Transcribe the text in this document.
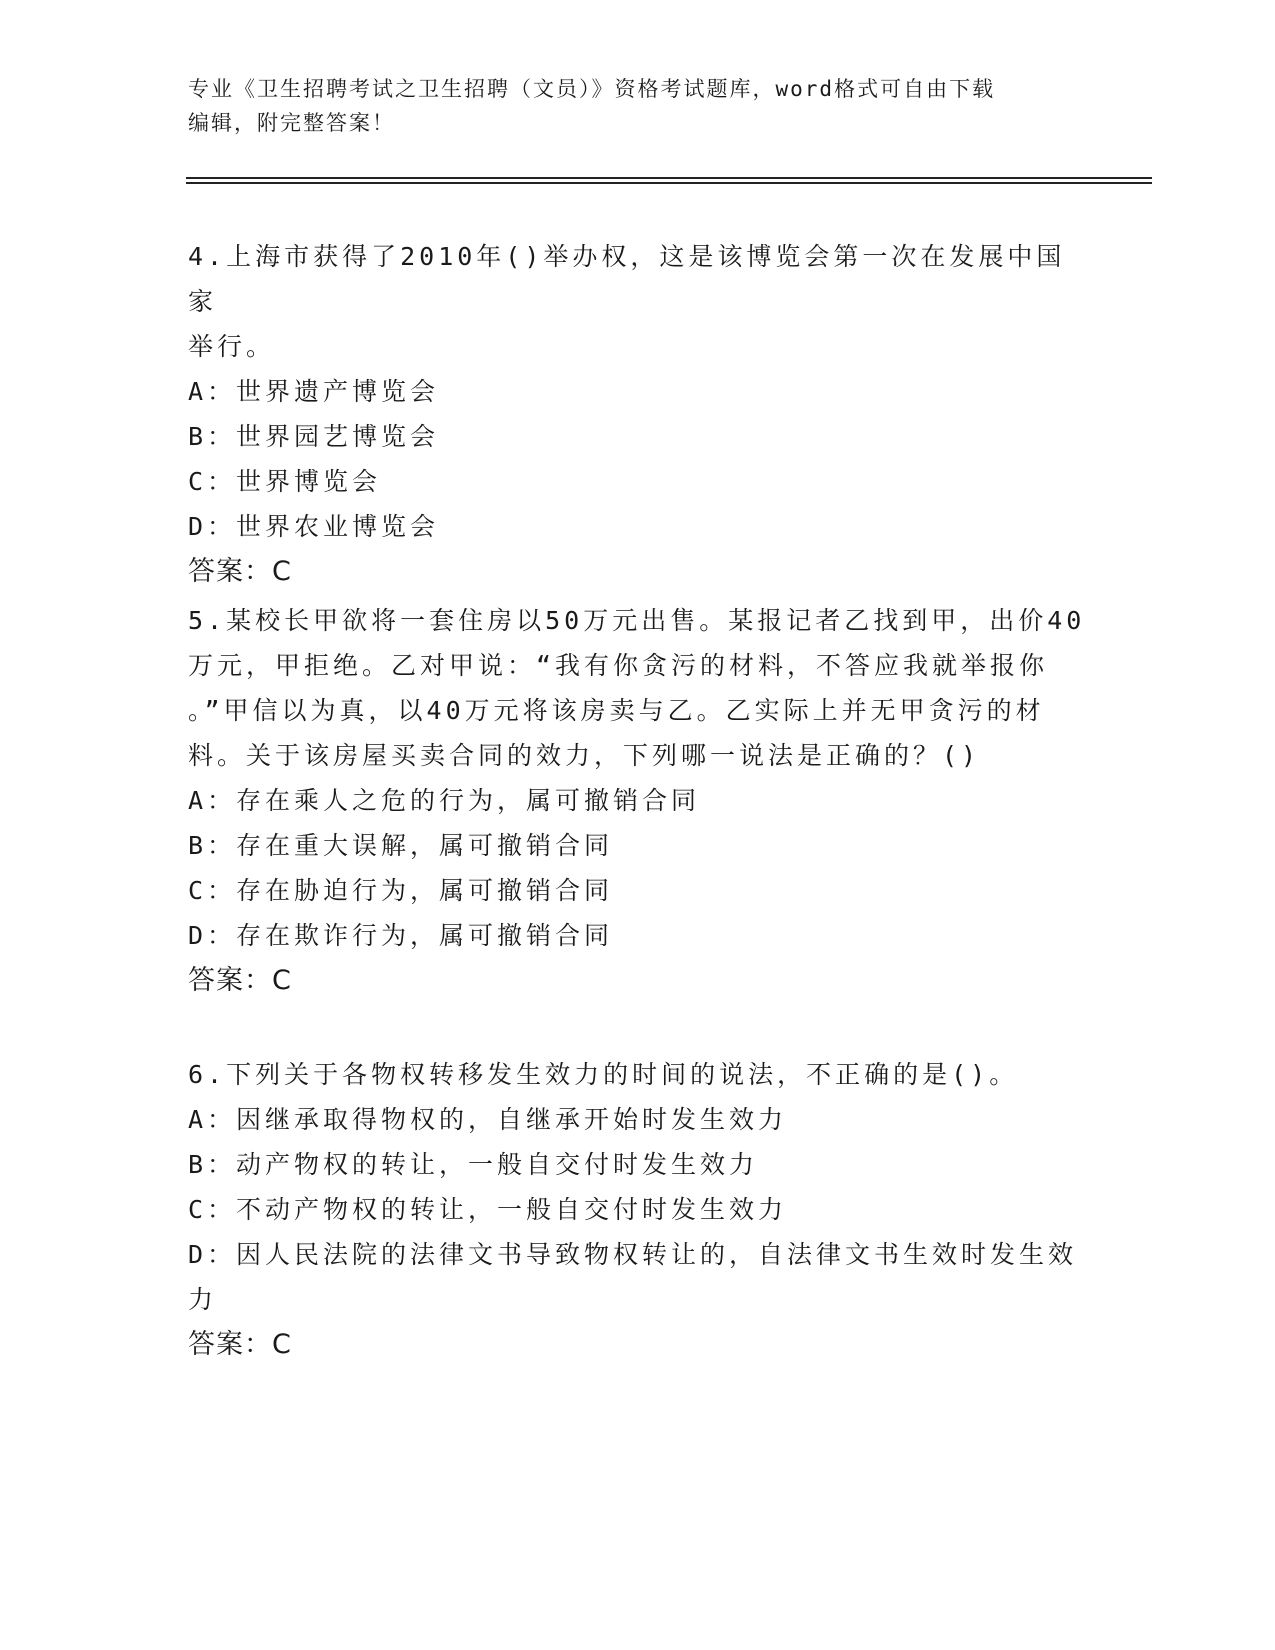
专业《卫生招聘考试之卫生招聘（文员）》资格考试题库，word格式可自由下载
编辑，附完整答案！

4.上海市获得了2010年()举办权，这是该博览会第一次在发展中国家

举行。

A：世界遗产博览会

B：世界园艺博览会

C：世界博览会

D：世界农业博览会

答案：C

5.某校长甲欲将一套住房以50万元出售。某报记者乙找到甲，出价40

万元，甲拒绝。乙对甲说：“我有你贪污的材料，不答应我就举报你

。”甲信以为真，以40万元将该房卖与乙。乙实际上并无甲贪污的材

料。关于该房屋买卖合同的效力，下列哪一说法是正确的？()

A：存在乘人之危的行为，属可撤销合同

B：存在重大误解，属可撤销合同

C：存在胁迫行为，属可撤销合同

D：存在欺诈行为，属可撤销合同

答案：C

6.下列关于各物权转移发生效力的时间的说法，不正确的是()。

A：因继承取得物权的，自继承开始时发生效力

B：动产物权的转让，一般自交付时发生效力

C：不动产物权的转让，一般自交付时发生效力

D：因人民法院的法律文书导致物权转让的，自法律文书生效时发生效

力

答案：C
